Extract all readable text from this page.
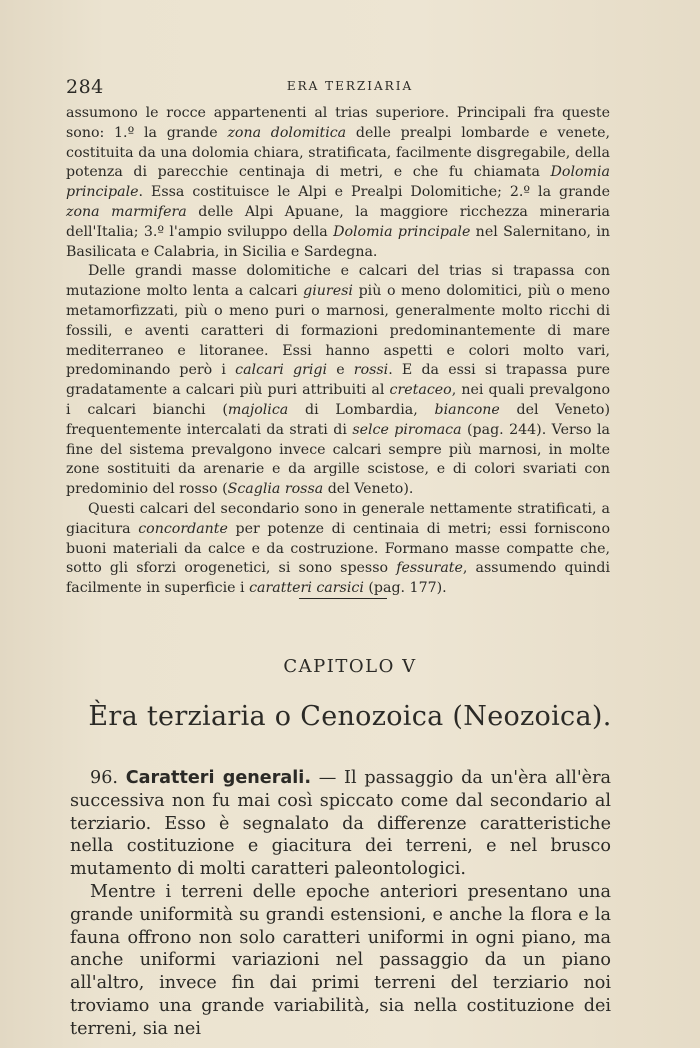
284	ERA TERZIARIA

assumono le rocce appartenenti al trias superiore. Principali fra queste sono: 1.º la grande zona dolomitica delle prealpi lombarde e venete, costituita da una dolomia chiara, stratificata, facilmente disgregabile, della potenza di parecchie centinaja di metri, e che fu chiamata Dolomia principale. Essa costituisce le Alpi e Prealpi Dolomitiche; 2.º la grande zona marmifera delle Alpi Apuane, la maggiore ricchezza mineraria dell'Italia; 3.º l'ampio sviluppo della Dolomia principale nel Salernitano, in Basilicata e Calabria, in Sicilia e Sardegna.

Delle grandi masse dolomitiche e calcari del trias si trapassa con mutazione molto lenta a calcari giuresi più o meno dolomitici, più o meno metamorfizzati, più o meno puri o marnosi, generalmente molto ricchi di fossili, e aventi caratteri di formazioni predominantemente di mare mediterraneo e litoranee. Essi hanno aspetti e colori molto vari, predominando però i calcari grigi e rossi. E da essi si trapassa pure gradatamente a calcari più puri attribuiti al cretaceo, nei quali prevalgono i calcari bianchi (majolica di Lombardia, biancone del Veneto) frequentemente intercalati da strati di selce piromaca (pag. 244). Verso la fine del sistema prevalgono invece calcari sempre più marnosi, in molte zone sostituiti da arenarie e da argille scistose, e di colori svariati con predominio del rosso (Scaglia rossa del Veneto).

Questi calcari del secondario sono in generale nettamente stratificati, a giacitura concordante per potenze di centinaia di metri; essi forniscono buoni materiali da calce e da costruzione. Formano masse compatte che, sotto gli sforzi orogenetici, si sono spesso fessurate, assumendo quindi facilmente in superficie i caratteri carsici (pag. 177).

CAPITOLO V
Èra terziaria o Cenozoica (Neozoica).

96. Caratteri generali. — Il passaggio da un'èra all'èra successiva non fu mai così spiccato come dal secondario al terziario. Esso è segnalato da differenze caratteristiche nella costituzione e giacitura dei terreni, e nel brusco mutamento di molti caratteri paleontologici.

Mentre i terreni delle epoche anteriori presentano una grande uniformità su grandi estensioni, e anche la flora e la fauna offrono non solo caratteri uniformi in ogni piano, ma anche uniformi variazioni nel passaggio da un piano all'altro, invece fin dai primi terreni del terziario noi troviamo una grande variabilità, sia nella costituzione dei terreni, sia nei
